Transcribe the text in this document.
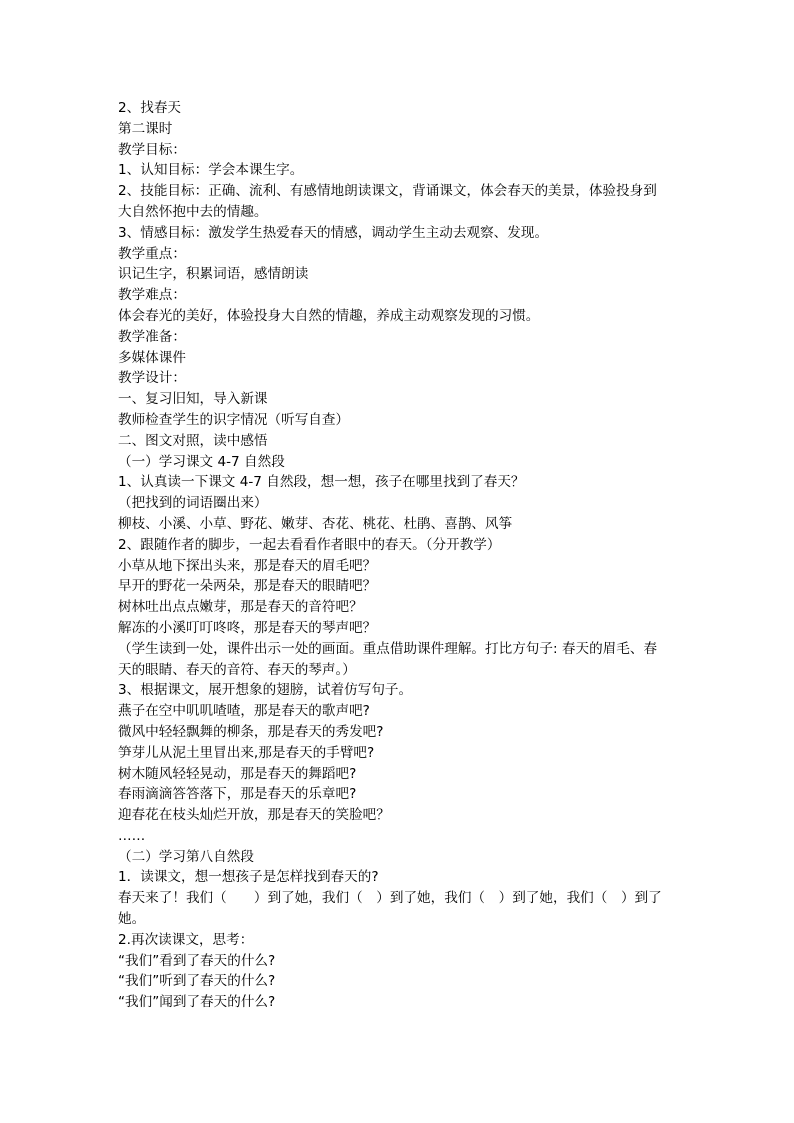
2、找春天

第二课时

教学目标：

1、认知目标：学会本课生字。

2、技能目标：正确、流利、有感情地朗读课文，背诵课文，体会春天的美景，体验投身到

大自然怀抱中去的情趣。

3、情感目标：激发学生热爱春天的情感，调动学生主动去观察、发现。

教学重点：

识记生字，积累词语，感情朗读

教学难点：

体会春光的美好，体验投身大自然的情趣，养成主动观察发现的习惯。

教学准备：

多媒体课件

教学设计：

一、复习旧知，导入新课

教师检查学生的识字情况（听写自查）

二、图文对照，读中感悟

（一）学习课文 4-7 自然段

1、认真读一下课文 4-7 自然段，想一想，孩子在哪里找到了春天？

（把找到的词语圈出来）

柳枝、小溪、小草、野花、嫩芽、杏花、桃花、杜鹃、喜鹊、风筝

2、跟随作者的脚步，一起去看看作者眼中的春天。（分开教学）

小草从地下探出头来，那是春天的眉毛吧？

早开的野花一朵两朵，那是春天的眼睛吧？

树林吐出点点嫩芽，那是春天的音符吧？

解冻的小溪叮叮咚咚，那是春天的琴声吧？

（学生读到一处，课件出示一处的画面。重点借助课件理解。打比方句子: 春天的眉毛、春

天的眼睛、春天的音符、春天的琴声。）

3、根据课文，展开想象的翅膀，试着仿写句子。

燕子在空中叽叽喳喳，那是春天的歌声吧?

微风中轻轻飘舞的柳条，那是春天的秀发吧?

笋芽儿从泥土里冒出来,那是春天的手臂吧?

树木随风轻轻晃动，那是春天的舞蹈吧?

春雨滴滴答答落下，那是春天的乐章吧?

迎春花在枝头灿烂开放，那是春天的笑脸吧？

……

（二）学习第八自然段

1．读课文，想一想孩子是怎样找到春天的?

春天来了！我们（　　）到了她，我们（　）到了她，我们（　）到了她，我们（　）到了

她。

2.再次读课文，思考：

“我们”看到了春天的什么?

“我们”听到了春天的什么?

“我们”闻到了春天的什么?
